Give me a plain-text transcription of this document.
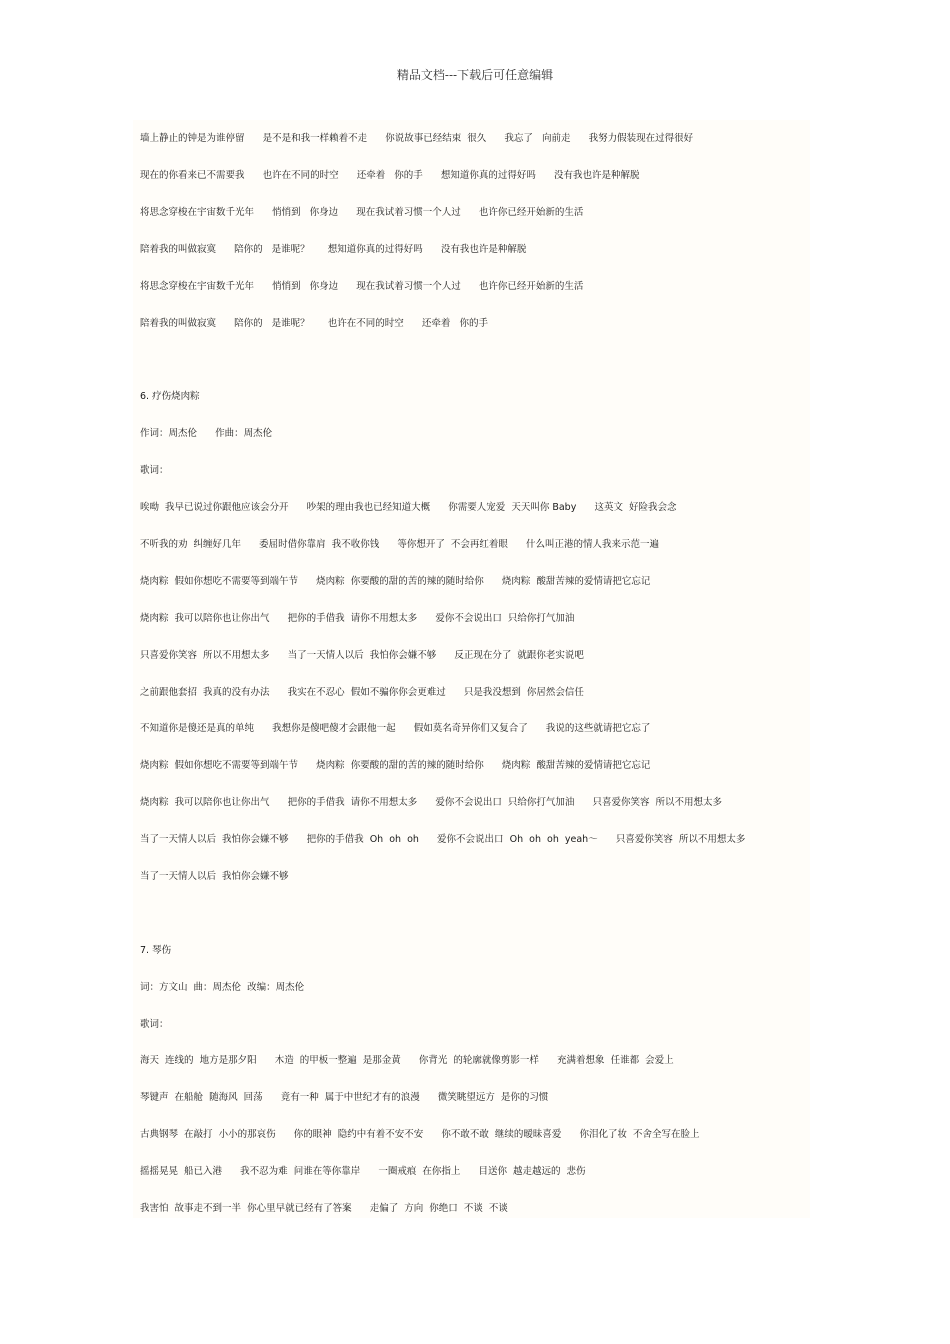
精品文档---下载后可任意编辑
墙上静止的钟是为谁停留      是不是和我一样赖着不走      你说故事已经结束  很久      我忘了   向前走      我努力假装现在过得很好
现在的你看来已不需要我      也许在不同的时空      还牵着   你的手      想知道你真的过得好吗      没有我也许是种解脱
将思念穿梭在宇宙数千光年      悄悄到   你身边      现在我试着习惯一个人过      也许你已经开始新的生活
陪着我的叫做寂寞      陪你的   是谁呢？      想知道你真的过得好吗      没有我也许是种解脱
将思念穿梭在宇宙数千光年      悄悄到   你身边      现在我试着习惯一个人过      也许你已经开始新的生活
陪着我的叫做寂寞      陪你的   是谁呢？      也许在不同的时空      还牵着   你的手
6. 疗伤烧肉粽
作词：周杰伦      作曲：周杰伦
歌词：
唉呦  我早已说过你跟他应该会分开      吵架的理由我也已经知道大概      你需要人宠爱  天天叫你 Baby      这英文  好险我会念
不听我的劝  纠缠好几年      委屈时借你靠肩  我不收你钱      等你想开了  不会再红着眼      什么叫正港的情人我来示范一遍
烧肉粽  假如你想吃不需要等到端午节      烧肉粽  你要酸的甜的苦的辣的随时给你      烧肉粽  酸甜苦辣的爱情请把它忘记
烧肉粽  我可以陪你也让你出气      把你的手借我  请你不用想太多      爱你不会说出口  只给你打气加油
只喜爱你笑容  所以不用想太多      当了一天情人以后  我怕你会嫌不够      反正现在分了  就跟你老实说吧
之前跟他套招  我真的没有办法      我实在不忍心  假如不骗你你会更难过      只是我没想到  你居然会信任
不知道你是傻还是真的单纯      我想你是傻吧傻才会跟他一起      假如莫名奇异你们又复合了      我说的这些就请把它忘了
烧肉粽  假如你想吃不需要等到端午节      烧肉粽  你要酸的甜的苦的辣的随时给你      烧肉粽  酸甜苦辣的爱情请把它忘记
烧肉粽  我可以陪你也让你出气      把你的手借我  请你不用想太多      爱你不会说出口  只给你打气加油      只喜爱你笑容  所以不用想太多
当了一天情人以后  我怕你会嫌不够      把你的手借我  Oh  oh  oh      爱你不会说出口  Oh  oh  oh  yeah～      只喜爱你笑容  所以不用想太多
当了一天情人以后  我怕你会嫌不够
7. 琴伤
词：方文山  曲：周杰伦  改编：周杰伦
歌词：
海天  连线的  地方是那夕阳      木造  的甲板一整遍  是那金黄      你背光  的轮廓就像剪影一样      充满着想象  任谁都  会爱上
琴键声  在船舱  随海风  回荡      竟有一种  属于中世纪才有的浪漫      微笑眺望远方  是你的习惯
古典钢琴  在敲打  小小的那哀伤      你的眼神  隐约中有着不安不安      你不敢不敢  继续的暧昧喜爱      你泪化了妆  不舍全写在脸上
摇摇晃晃  船已入港      我不忍为难  问谁在等你靠岸      一圈戒痕  在你指上      目送你  越走越远的  悲伤
我害怕  故事走不到一半  你心里早就已经有了答案      走偏了  方向  你绝口  不谈  不谈
